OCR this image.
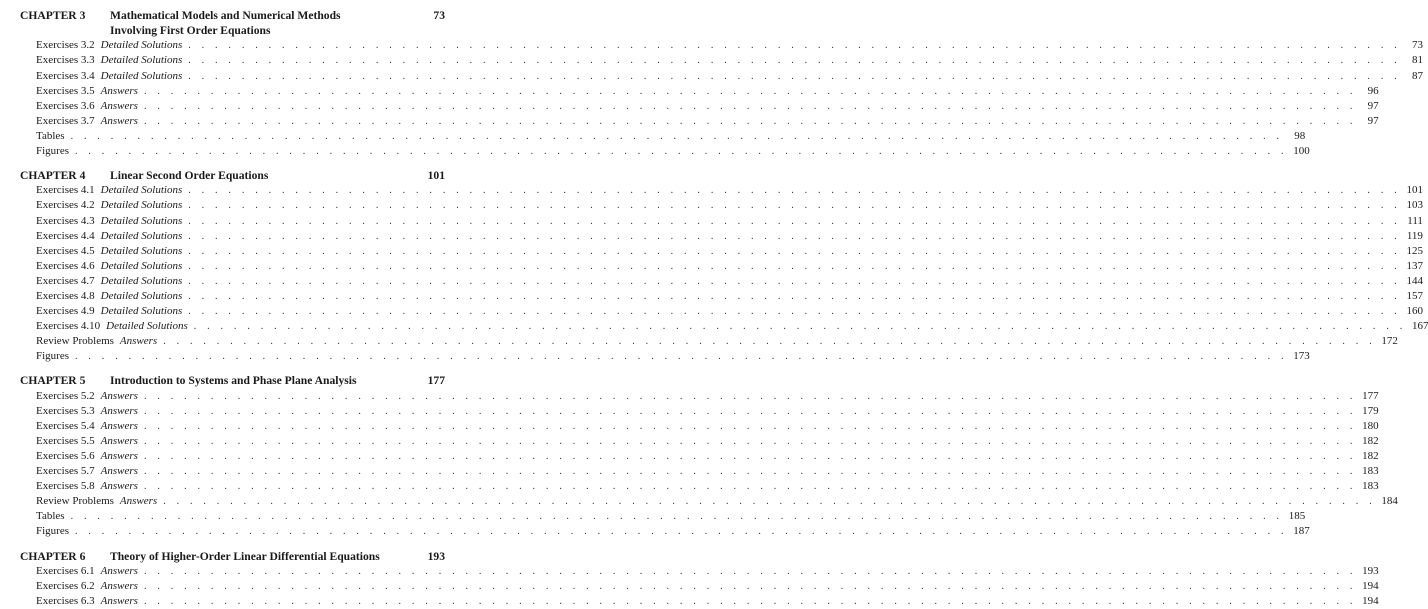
CHAPTER 3 Mathematical Models and Numerical Methods	73
Involving First Order Equations
Exercises 3.2 Detailed Solutions . . .	73
Exercises 3.3 Detailed Solutions . . .	81
Exercises 3.4 Detailed Solutions . . .	87
Exercises 3.5 Answers . . .	96
Exercises 3.6 Answers . . .	97
Exercises 3.7 Answers . . .	97
Tables . . .	98
Figures . . .	100
CHAPTER 4 Linear Second Order Equations	101
Exercises 4.1 Detailed Solutions . . .	101
Exercises 4.2 Detailed Solutions . . .	103
Exercises 4.3 Detailed Solutions . . .	111
Exercises 4.4 Detailed Solutions . . .	119
Exercises 4.5 Detailed Solutions . . .	125
Exercises 4.6 Detailed Solutions . . .	137
Exercises 4.7 Detailed Solutions . . .	144
Exercises 4.8 Detailed Solutions . . .	157
Exercises 4.9 Detailed Solutions . . .	160
Exercises 4.10 Detailed Solutions . . .	167
Review Problems Answers . . .	172
Figures . . .	173
CHAPTER 5 Introduction to Systems and Phase Plane Analysis	177
Exercises 5.2 Answers . . .	177
Exercises 5.3 Answers . . .	179
Exercises 5.4 Answers . . .	180
Exercises 5.5 Answers . . .	182
Exercises 5.6 Answers . . .	182
Exercises 5.7 Answers . . .	183
Exercises 5.8 Answers . . .	183
Review Problems Answers . . .	184
Tables . . .	185
Figures . . .	187
CHAPTER 6 Theory of Higher-Order Linear Differential Equations	193
Exercises 6.1 Answers . . .	193
Exercises 6.2 Answers . . .	194
Exercises 6.3 Answers . . .	194
